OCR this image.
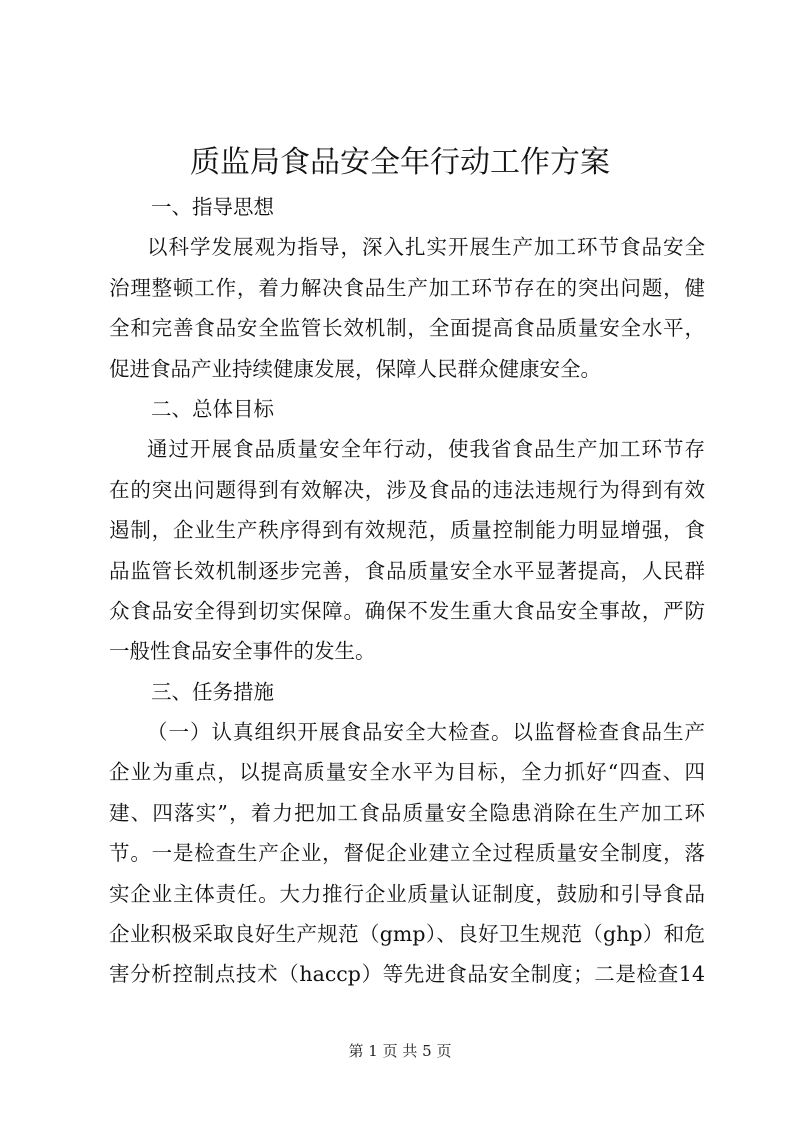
质监局食品安全年行动工作方案
一、指导思想
以科学发展观为指导，深入扎实开展生产加工环节食品安全
治理整顿工作，着力解决食品生产加工环节存在的突出问题，健
全和完善食品安全监管长效机制，全面提高食品质量安全水平，
促进食品产业持续健康发展，保障人民群众健康安全。
二、总体目标
通过开展食品质量安全年行动，使我省食品生产加工环节存
在的突出问题得到有效解决，涉及食品的违法违规行为得到有效
遏制，企业生产秩序得到有效规范，质量控制能力明显增强，食
品监管长效机制逐步完善，食品质量安全水平显著提高，人民群
众食品安全得到切实保障。确保不发生重大食品安全事故，严防
一般性食品安全事件的发生。
三、任务措施
（一）认真组织开展食品安全大检查。以监督检查食品生产
企业为重点，以提高质量安全水平为目标，全力抓好“四查、四
建、四落实”，着力把加工食品质量安全隐患消除在生产加工环
节。一是检查生产企业，督促企业建立全过程质量安全制度，落
实企业主体责任。大力推行企业质量认证制度，鼓励和引导食品
企业积极采取良好生产规范（gmp）、良好卫生规范（ghp）和危
害分析控制点技术（haccp）等先进食品安全制度；二是检查14
第 1 页 共 5 页
